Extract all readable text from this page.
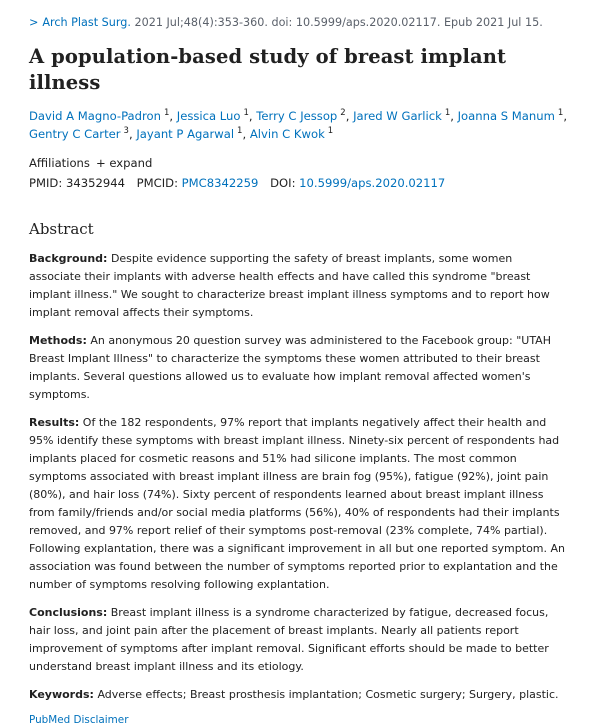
> Arch Plast Surg. 2021 Jul;48(4):353-360. doi: 10.5999/aps.2020.02117. Epub 2021 Jul 15.
A population-based study of breast implant illness
David A Magno-Padron $^1$, Jessica Luo $^1$, Terry C Jessop $^2$, Jared W Garlick $^1$, Joanna S Manum $^1$,
Gentry C Carter $^3$, Jayant P Agarwal $^1$, Alvin C Kwok $^1$
Affiliations + expand
PMID: 34352944 PMCID: PMC8342259 DOI: 10.5999/aps.2020.02117
Abstract

Background: Despite evidence supporting the safety of breast implants, some women associate their implants with adverse health effects and have called this syndrome "breast implant illness." We sought to characterize breast implant illness symptoms and to report how implant removal affects their symptoms.

Methods: An anonymous 20 question survey was administered to the Facebook group: "UTAH Breast Implant Illness" to characterize the symptoms these women attributed to their breast implants. Several questions allowed us to evaluate how implant removal affected women's symptoms.

Results: Of the 182 respondents, 97% report that implants negatively affect their health and 95% identify these symptoms with breast implant illness. Ninety-six percent of respondents had implants placed for cosmetic reasons and 51% had silicone implants. The most common symptoms associated with breast implant illness are brain fog (95%), fatigue (92%), joint pain (80%), and hair loss (74%). Sixty percent of respondents learned about breast implant illness from family/friends and/or social media platforms (56%), 40% of respondents had their implants removed, and 97% report relief of their symptoms post-removal (23% complete, 74% partial). Following explantation, there was a significant improvement in all but one reported symptom. An association was found between the number of symptoms reported prior to explantation and the number of symptoms resolving following explantation.

Conclusions: Breast implant illness is a syndrome characterized by fatigue, decreased focus, hair loss, and joint pain after the placement of breast implants. Nearly all patients report improvement of symptoms after implant removal. Significant efforts should be made to better understand breast implant illness and its etiology.

Keywords: Adverse effects; Breast prosthesis implantation; Cosmetic surgery; Surgery, plastic.

PubMed Disclaimer
